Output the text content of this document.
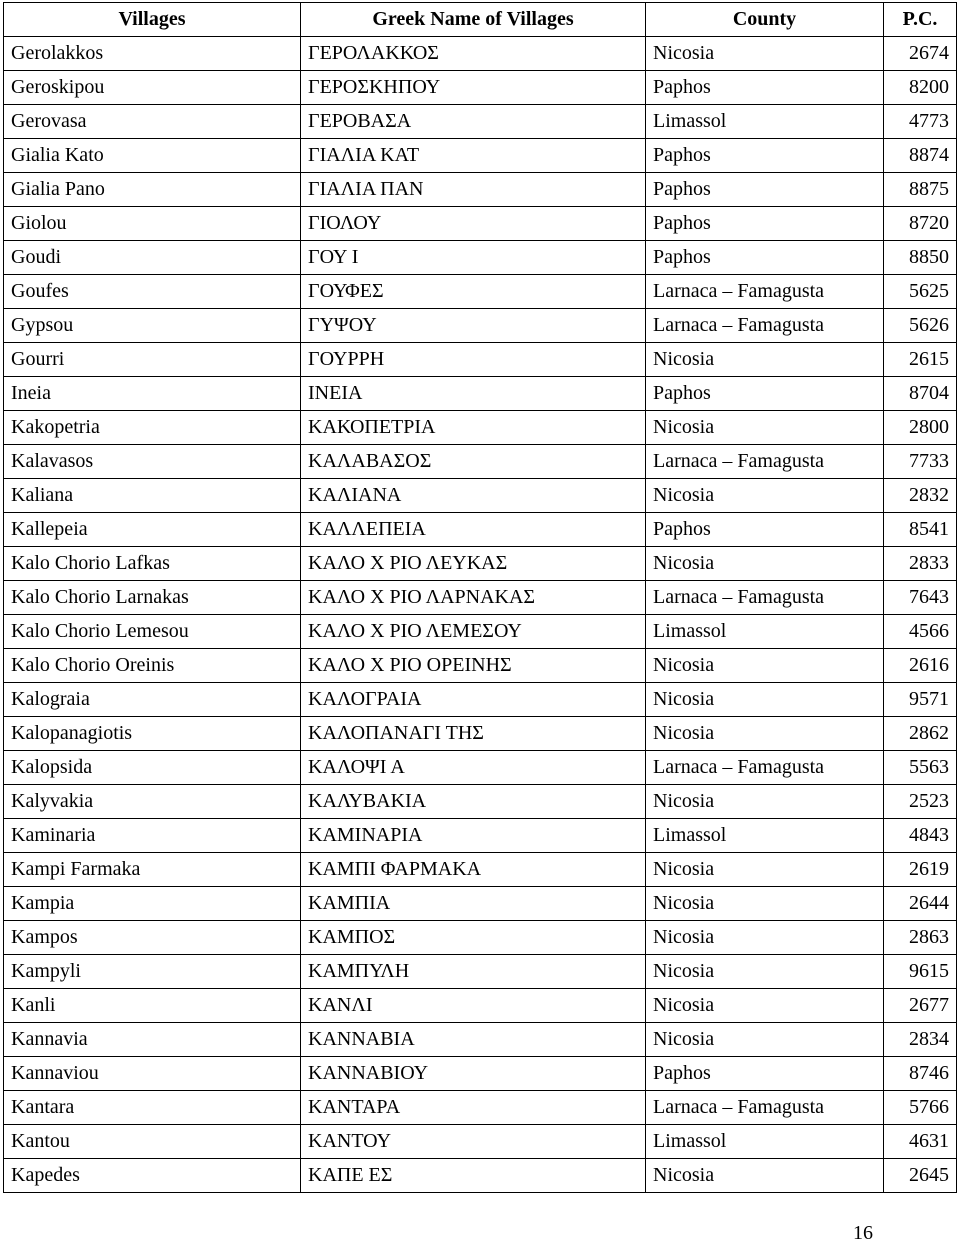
Villages	Greek Name of Villages	County	P.C.
Gerolakkos	ΓΕΡΟΛΑΚΚΟΣ	Nicosia	2674
Geroskipou	ΓΕΡΟΣΚΗΠΟΥ	Paphos	8200
Gerovasa	ΓΕΡΟΒΑΣΑ	Limassol	4773
Gialia Kato	ΓΙΑΛΙΑ ΚΑΤ	Paphos	8874
Gialia Pano	ΓΙΑΛΙΑ ΠΑΝ	Paphos	8875
Giolou	ΓΙΟΛΟΥ	Paphos	8720
Goudi	ΓΟΥ Ι	Paphos	8850
Goufes	ΓΟΥΦΕΣ	Larnaca – Famagusta	5625
Gypsou	ΓΥΨΟΥ	Larnaca – Famagusta	5626
Gourri	ΓΟΥΡΡΗ	Nicosia	2615
Ineia	ΙΝΕΙΑ	Paphos	8704
Kakopetria	ΚΑΚΟΠΕΤΡΙΑ	Nicosia	2800
Kalavasos	ΚΑΛΑΒΑΣΟΣ	Larnaca – Famagusta	7733
Kaliana	ΚΑΛΙΑΝΑ	Nicosia	2832
Kallepeia	ΚΑΛΛΕΠΕΙΑ	Paphos	8541
Kalo Chorio Lafkas	ΚΑΛΟ Χ ΡΙΟ ΛΕΥΚΑΣ	Nicosia	2833
Kalo Chorio Larnakas	ΚΑΛΟ Χ ΡΙΟ ΛΑΡΝΑΚΑΣ	Larnaca – Famagusta	7643
Kalo Chorio Lemesou	ΚΑΛΟ Χ ΡΙΟ ΛΕΜΕΣΟΥ	Limassol	4566
Kalo Chorio Oreinis	ΚΑΛΟ Χ ΡΙΟ ΟΡΕΙΝΗΣ	Nicosia	2616
Kalograia	ΚΑΛΟΓΡΑΙΑ	Nicosia	9571
Kalopanagiotis	ΚΑΛΟΠΑΝΑΓΙ ΤΗΣ	Nicosia	2862
Kalopsida	ΚΑΛΟΨΙ Α	Larnaca – Famagusta	5563
Kalyvakia	ΚΑΛΥΒΑΚΙΑ	Nicosia	2523
Kaminaria	ΚΑΜΙΝΑΡΙΑ	Limassol	4843
Kampi Farmaka	ΚΑΜΠΙ ΦΑΡΜΑΚΑ	Nicosia	2619
Kampia	ΚΑΜΠΙΑ	Nicosia	2644
Kampos	ΚΑΜΠΟΣ	Nicosia	2863
Kampyli	ΚΑΜΠΥΛΗ	Nicosia	9615
Kanli	ΚΑΝΛΙ	Nicosia	2677
Kannavia	ΚΑΝΝΑΒΙΑ	Nicosia	2834
Kannaviou	ΚΑΝΝΑΒΙΟΥ	Paphos	8746
Kantara	ΚΑΝΤΑΡΑ	Larnaca – Famagusta	5766
Kantou	ΚΑΝΤΟΥ	Limassol	4631
Kapedes	ΚΑΠΕ ΕΣ	Nicosia	2645
16
